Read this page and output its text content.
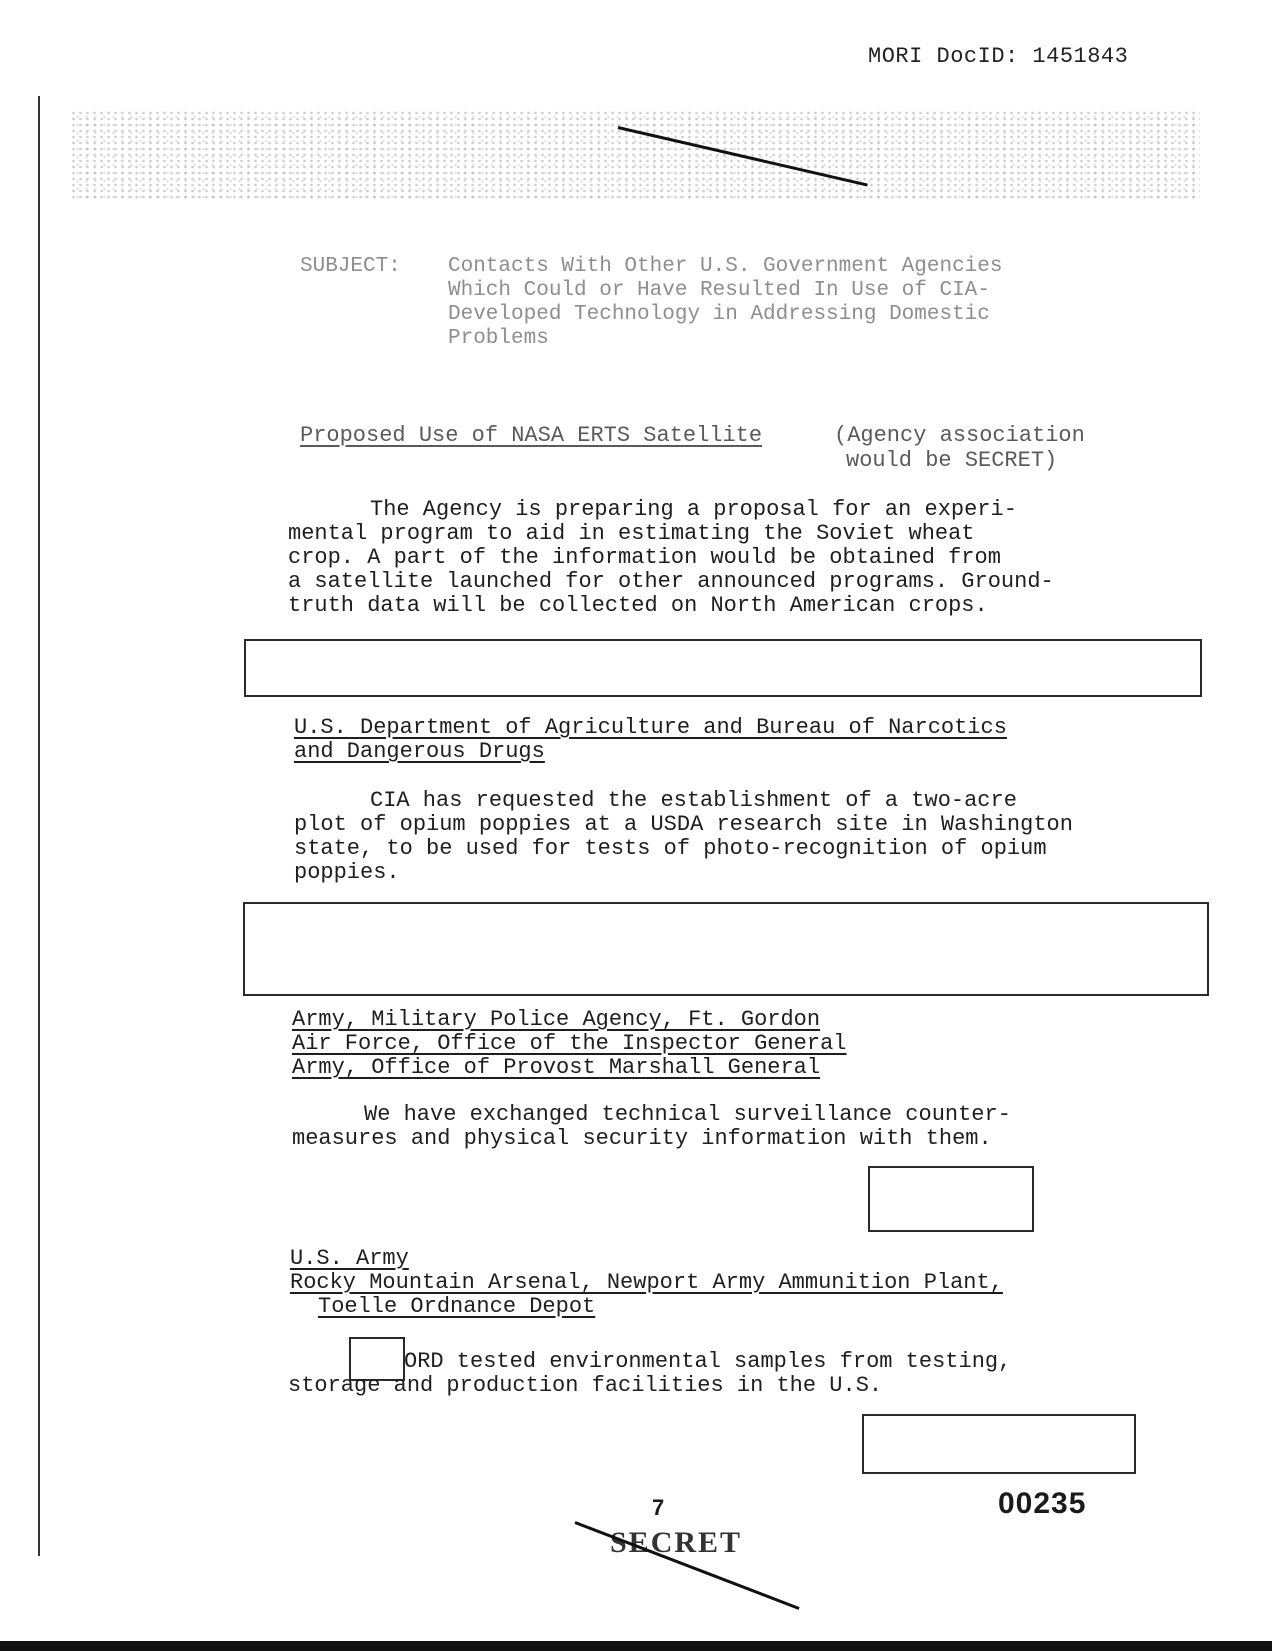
MORI DocID: 1451843
SUBJECT: Contacts With Other U.S. Government Agencies
Which Could or Have Resulted In Use of CIA-
Developed Technology in Addressing Domestic
Problems
Proposed Use of NASA ERTS Satellite	(Agency association
would be SECRET)
The Agency is preparing a proposal for an experi-
mental program to aid in estimating the Soviet wheat
crop. A part of the information would be obtained from
a satellite launched for other announced programs. Ground-
truth data will be collected on North American crops.
U.S. Department of Agriculture and Bureau of Narcotics
and Dangerous Drugs
CIA has requested the establishment of a two-acre
plot of opium poppies at a USDA research site in Washington
state, to be used for tests of photo-recognition of opium
poppies.
Army, Military Police Agency, Ft. Gordon
Air Force, Office of the Inspector General
Army, Office of Provost Marshall General
We have exchanged technical surveillance counter-
measures and physical security information with them.
U.S. Army
Rocky Mountain Arsenal, Newport Army Ammunition Plant,
Toelle Ordnance Depot
ORD tested environmental samples from testing,
storage and production facilities in the U.S.
7	00235
SECRET
